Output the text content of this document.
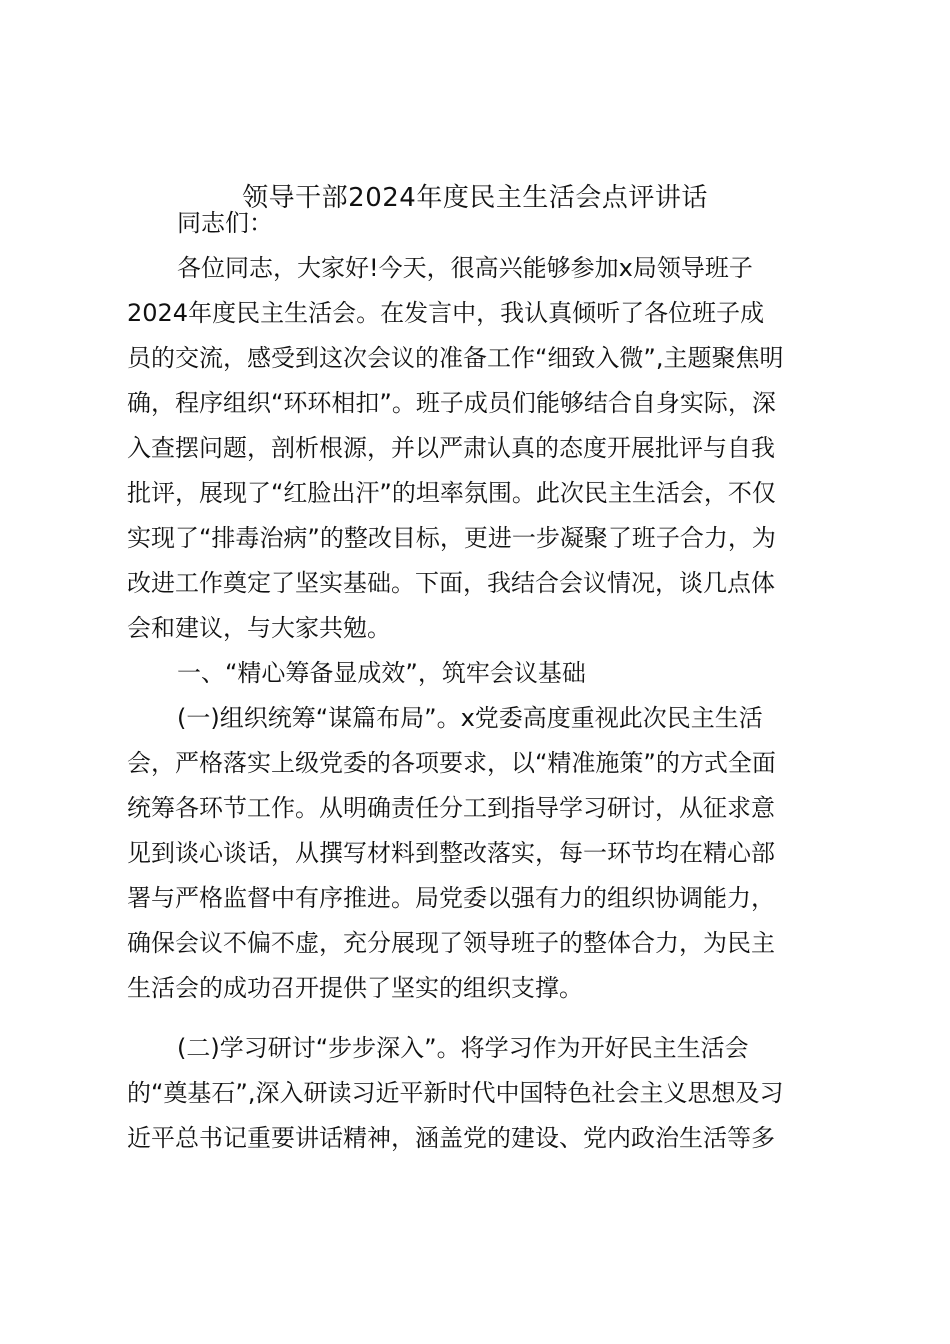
领导干部2024年度民主生活会点评讲话

同志们：

各位同志，大家好!今天，很高兴能够参加x局领导班子

2024年度民主生活会。在发言中，我认真倾听了各位班子成

员的交流，感受到这次会议的准备工作“细致入微”,主题聚焦明

确，程序组织“环环相扣”。班子成员们能够结合自身实际，深

入查摆问题，剖析根源，并以严肃认真的态度开展批评与自我

批评，展现了“红脸出汗”的坦率氛围。此次民主生活会，不仅

实现了“排毒治病”的整改目标，更进一步凝聚了班子合力，为

改进工作奠定了坚实基础。下面，我结合会议情况，谈几点体

会和建议，与大家共勉。

一、“精心筹备显成效”，筑牢会议基础

(一)组织统筹“谋篇布局”。x党委高度重视此次民主生活

会，严格落实上级党委的各项要求，以“精准施策”的方式全面

统筹各环节工作。从明确责任分工到指导学习研讨，从征求意

见到谈心谈话，从撰写材料到整改落实，每一环节均在精心部

署与严格监督中有序推进。局党委以强有力的组织协调能力，

确保会议不偏不虚，充分展现了领导班子的整体合力，为民主

生活会的成功召开提供了坚实的组织支撑。

(二)学习研讨“步步深入”。将学习作为开好民主生活会

的“奠基石”,深入研读习近平新时代中国特色社会主义思想及习

近平总书记重要讲话精神，涵盖党的建设、党内政治生活等多
